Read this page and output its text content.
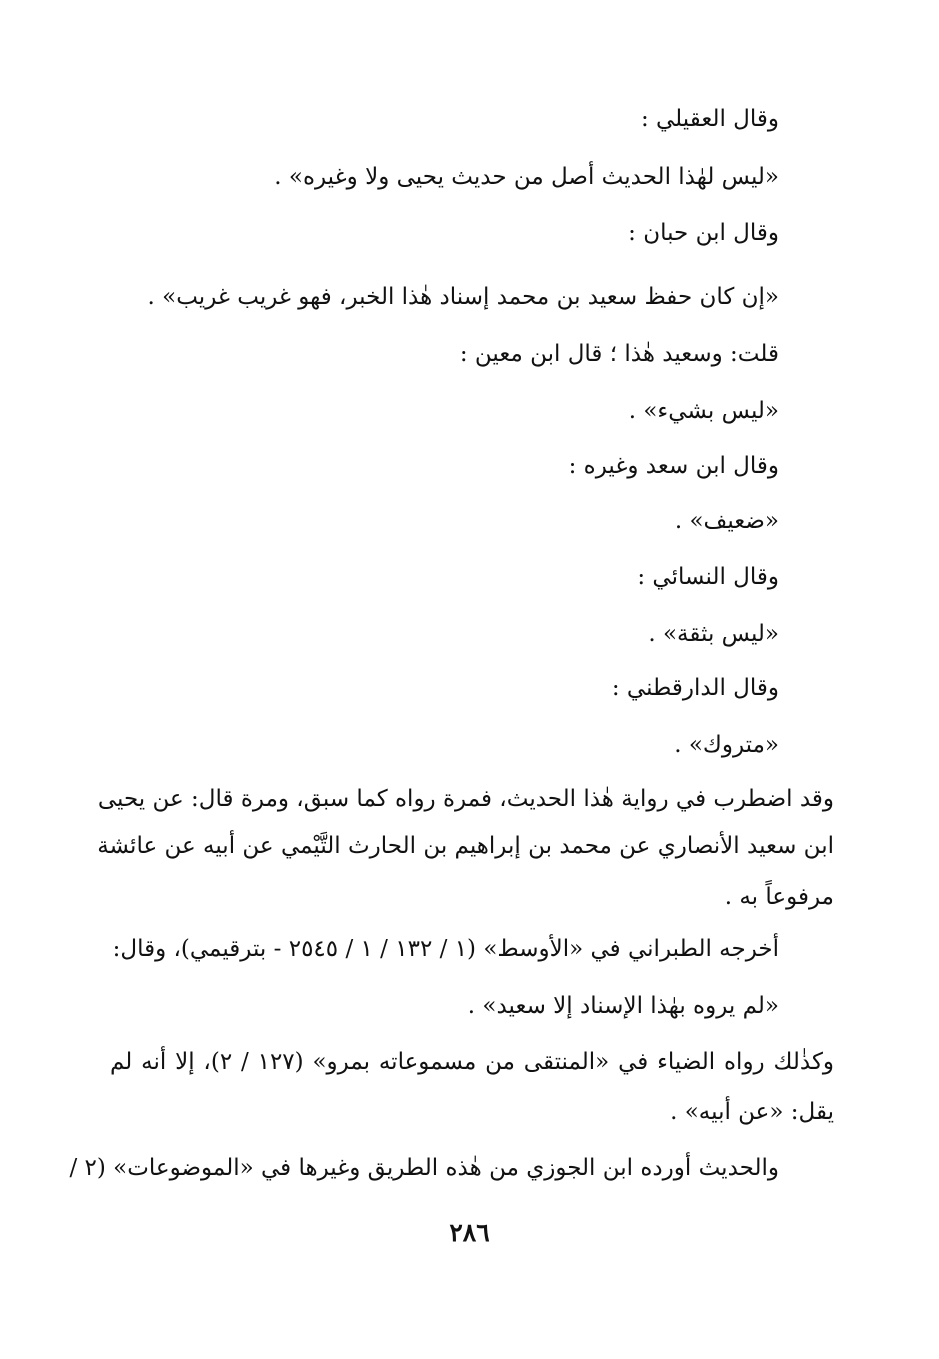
وقال العقيلي :
«ليس لهٰذا الحديث أصل من حديث يحيى ولا وغيره» .
وقال ابن حبان :
«إن كان حفظ سعيد بن محمد إسناد هٰذا الخبر، فهو غريب غريب» .
قلت: وسعيد هٰذا ؛ قال ابن معين :
«ليس بشيء» .
وقال ابن سعد وغيره :
«ضعيف» .
وقال النسائي :
«ليس بثقة» .
وقال الدارقطني :
«متروك» .
وقد اضطرب في رواية هٰذا الحديث، فمرة رواه كما سبق، ومرة قال: عن يحيى
ابن سعيد الأنصاري عن محمد بن إبراهيم بن الحارث التَّيْمي عن أبيه عن عائشة
مرفوعاً به .
أخرجه الطبراني في «الأوسط» (١ / ١٣٢ / ١ / ٢٥٤٥ - بترقيمي)، وقال:
«لم يروه بهٰذا الإسناد إلا سعيد» .
وكذٰلك رواه الضياء في «المنتقى من مسموعاته بمرو» (١٢٧ / ٢)، إلا أنه لم
يقل: «عن أبيه» .
والحديث أورده ابن الجوزي من هٰذه الطريق وغيرها في «الموضوعات» (٢ /
٢٨٦
